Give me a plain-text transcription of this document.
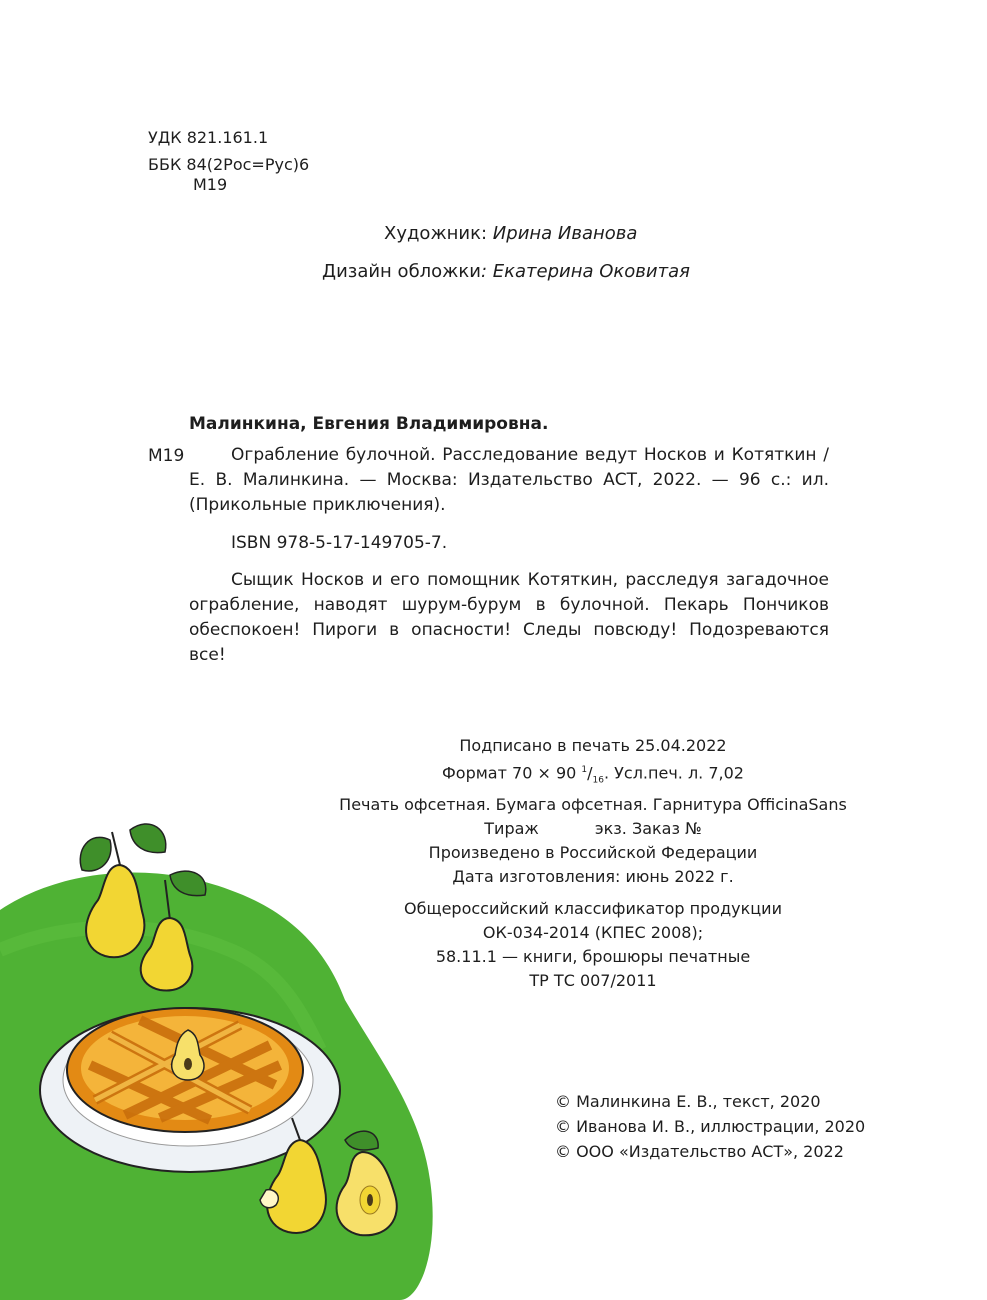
УДК 821.161.1
ББК 84(2Рос=Рус)6
М19
Художник: Ирина Иванова
Дизайн обложки: Екатерина Оковитая
Малинкина, Евгения Владимировна.
М19	Ограбление булочной. Расследование ведут Носков и Котяткин / Е. В. Малинкина. — Москва: Издательство АСТ, 2022. — 96 с.: ил. (Прикольные приключения).
ISBN 978-5-17-149705-7.
Сыщик Носков и его помощник Котяткин, расследуя загадочное ограбление, наводят шурум-бурум в булочной. Пекарь Пончиков обеспокоен! Пироги в опасности! Следы повсюду! Подозреваются все!
Подписано в печать 25.04.2022
Формат 70 × 90 $^1/_{16}$. Усл.печ. л. 7,02
Печать офсетная. Бумага офсетная. Гарнитура OfficinaSans
Тираж	экз. Заказ №
Произведено в Российской Федерации
Дата изготовления: июнь 2022 г.
Общероссийский классификатор продукции
ОК-034-2014 (КПЕС 2008);
58.11.1 — книги, брошюры печатные
ТР ТС 007/2011
© Малинкина Е. В., текст, 2020
© Иванова И. В., иллюстрации, 2020
© ООО «Издательство АСТ», 2022
